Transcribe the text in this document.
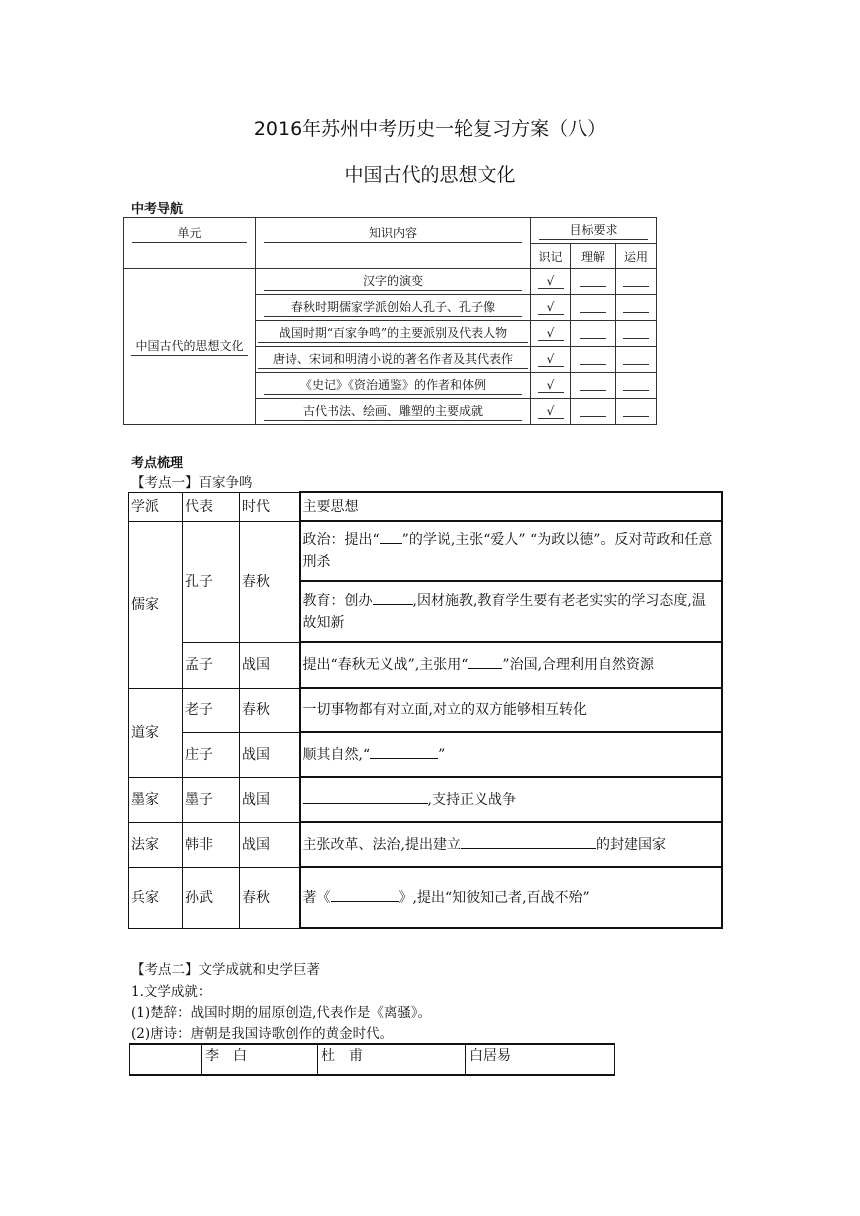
2016年苏州中考历史一轮复习方案（八）
中国古代的思想文化
中考导航
单元	知识内容	目标要求		

		识记	理解	运用
中国古代的思想文化	汉字的演变	√		

	春秋时期儒家学派创始人孔子、孔子像	√		

	战国时期“百家争鸣”的主要派别及代表人物	√		

	唐诗、宋词和明清小说的著名作者及其代表作	√		

	《史记》《资治通鉴》的作者和体例	√		

	古代书法、绘画、雕塑的主要成就	√		
考点梳理
【考点一】百家争鸣
学派	代表	时代	主要思想
儒家	孔子	春秋	政治：提出“ ”的学说,主张“爱人” “为政以德”。反对苛政和任意刑杀
			教育：创办 ,因材施教,教育学生要有老老实实的学习态度,温故知新
	孟子	战国	提出“春秋无义战”,主张用“ ”治国,合理利用自然资源
道家	老子	春秋	一切事物都有对立面,对立的双方能够相互转化
	庄子	战国	顺其自然,“ ”
墨家	墨子	战国	,支持正义战争
法家	韩非	战国	主张改革、法治,提出建立 的封建国家
兵家	孙武	春秋	著《 》,提出“知彼知己者,百战不殆”
【考点二】文学成就和史学巨著
1.文学成就：
(1)楚辞：战国时期的屈原创造,代表作是《离骚》。
(2)唐诗：唐朝是我国诗歌创作的黄金时代。
	李　白	杜　甫	白居易
